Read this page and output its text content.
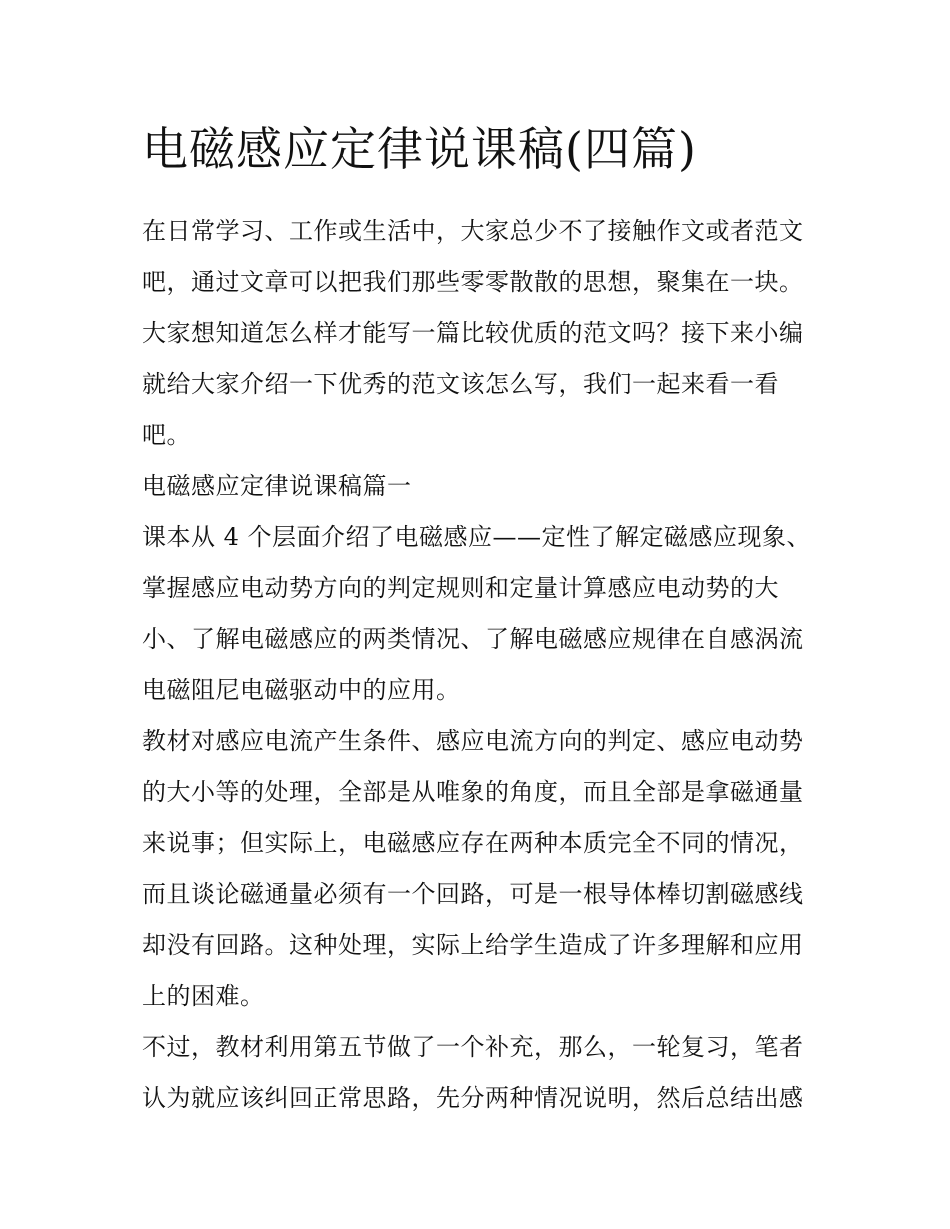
电磁感应定律说课稿(四篇)
在日常学习、工作或生活中，大家总少不了接触作文或者范文
吧，通过文章可以把我们那些零零散散的思想，聚集在一块。
大家想知道怎么样才能写一篇比较优质的范文吗？接下来小编
就给大家介绍一下优秀的范文该怎么写，我们一起来看一看
吧。
电磁感应定律说课稿篇一
课本从 4 个层面介绍了电磁感应——定性了解定磁感应现象、
掌握感应电动势方向的判定规则和定量计算感应电动势的大
小、了解电磁感应的两类情况、了解电磁感应规律在自感涡流
电磁阻尼电磁驱动中的应用。
教材对感应电流产生条件、感应电流方向的判定、感应电动势
的大小等的处理，全部是从唯象的角度，而且全部是拿磁通量
来说事；但实际上，电磁感应存在两种本质完全不同的情况，
而且谈论磁通量必须有一个回路，可是一根导体棒切割磁感线
却没有回路。这种处理，实际上给学生造成了许多理解和应用
上的困难。
不过，教材利用第五节做了一个补充，那么，一轮复习，笔者
认为就应该纠回正常思路，先分两种情况说明，然后总结出感
